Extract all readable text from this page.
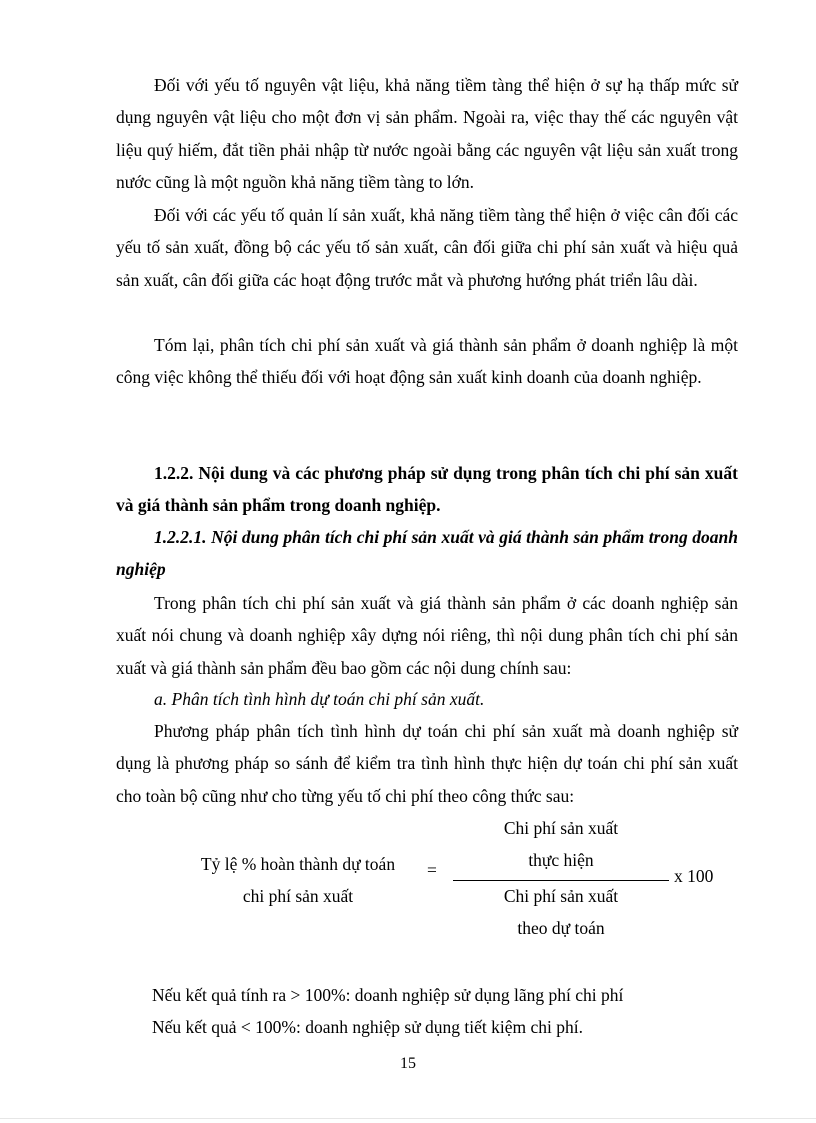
Đối với yếu tố nguyên vật liệu, khả năng tiềm tàng thể hiện ở sự hạ thấp mức sử dụng nguyên vật liệu cho một đơn vị sản phẩm. Ngoài ra, việc thay thế các nguyên vật liệu quý hiếm, đắt tiền phải nhập từ nước ngoài bằng các nguyên vật liệu sản xuất trong nước cũng là một nguồn khả năng tiềm tàng to lớn.

Đối với các yếu tố quản lí sản xuất, khả năng tiềm tàng thể hiện ở việc cân đối các yếu tố sản xuất, đồng bộ các yếu tố sản xuất, cân đối giữa chi phí sản xuất và hiệu quả sản xuất, cân đối giữa các hoạt động trước mắt và phương hướng phát triển lâu dài.

Tóm lại, phân tích chi phí sản xuất và giá thành sản phẩm ở doanh nghiệp là một công việc không thể thiếu đối với hoạt động sản xuất kinh doanh của doanh nghiệp.

1.2.2. Nội dung và các phương pháp sử dụng trong phân tích chi phí sản xuất và giá thành sản phẩm trong doanh nghiệp.

1.2.2.1. Nội dung phân tích chi phí sản xuất và giá thành sản phẩm trong doanh nghiệp

Trong phân tích chi phí sản xuất và giá thành sản phẩm ở các doanh nghiệp sản xuất nói chung và doanh nghiệp xây dựng nói riêng, thì nội dung phân tích chi phí sản xuất và giá thành sản phẩm đều bao gồm các nội dung chính sau:

a. Phân tích tình hình dự toán chi phí sản xuất.

Phương pháp phân tích tình hình dự toán chi phí sản xuất mà doanh nghiệp sử dụng là phương pháp so sánh để kiểm tra tình hình thực hiện dự toán chi phí sản xuất cho toàn bộ cũng như cho từng yếu tố chi phí theo công thức sau:

Tỷ lệ % hoàn thành dự toán
chi phí sản xuất
=
Chi phí sản xuất
thực hiện
Chi phí sản xuất
theo dự toán
x 100
Nếu kết quả tính ra > 100%: doanh nghiệp sử dụng lãng phí chi phí
Nếu kết quả < 100%: doanh nghiệp sử dụng tiết kiệm chi phí.
15
